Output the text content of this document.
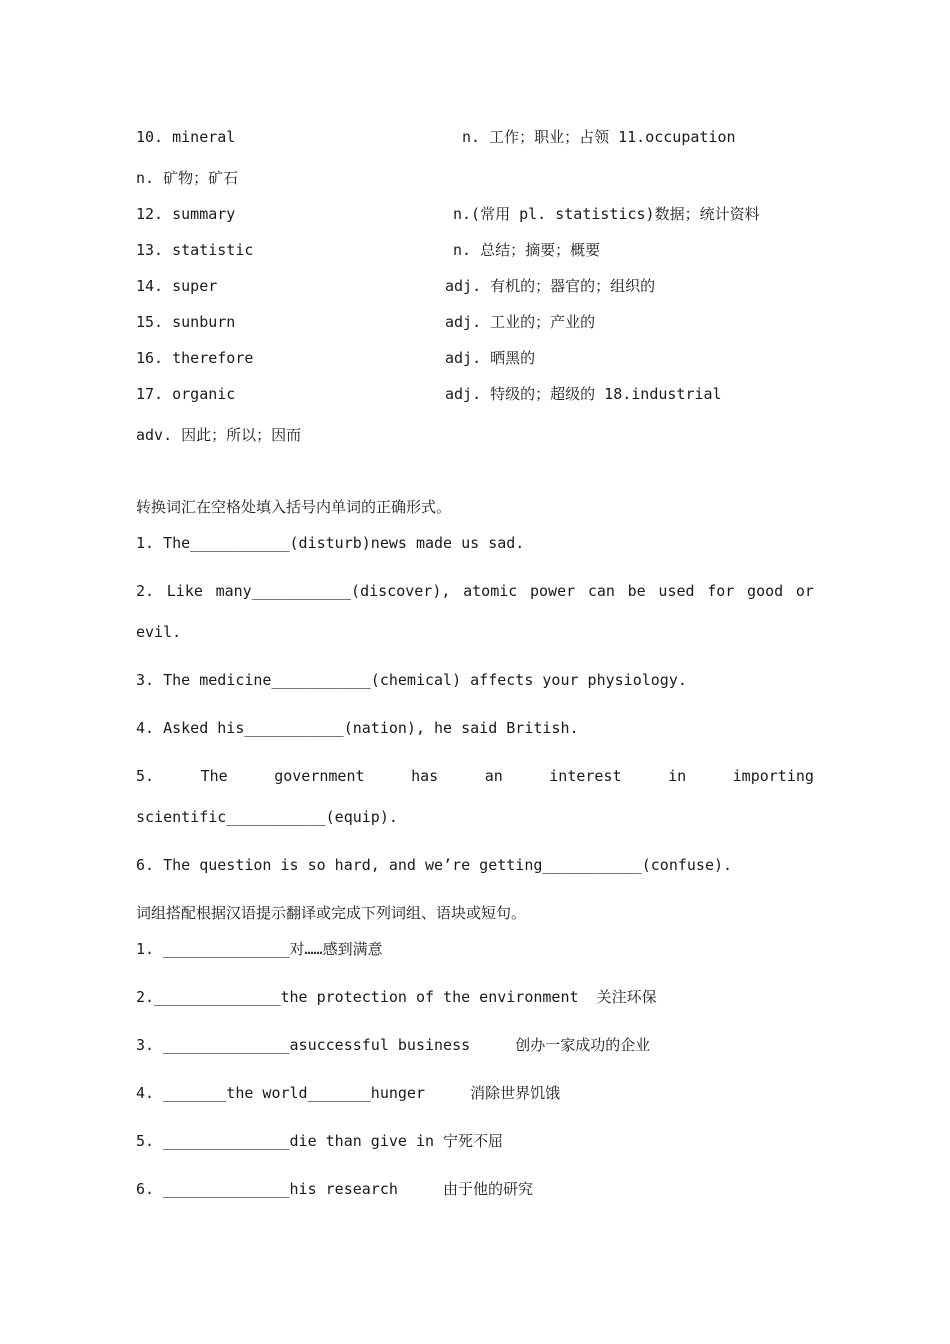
10. mineral	n. 工作；职业；占领 11.occupation
n. 矿物；矿石
12. summary	n.(常用 pl. statistics)数据；统计资料
13. statistic	n. 总结；摘要；概要
14. super	adj. 有机的；器官的；组织的
15. sunburn	adj. 工业的；产业的
16. therefore	adj. 晒黑的
17. organic	adj. 特级的；超级的 18.industrial
adv. 因此；所以；因而
转换词汇在空格处填入括号内单词的正确形式。
1. The___________(disturb)news made us sad.
2. Like many___________(discover), atomic power can be used for good or
evil.
3. The medicine___________(chemical) affects your physiology.
4. Asked his___________(nation), he said British.
5.	The	government	has	an	interest	in	importing
scientific___________(equip).
6. The question is so hard, and we’re getting___________(confuse).
词组搭配根据汉语提示翻译或完成下列词组、语块或短句。
1. ______________对……感到满意
2.______________the protection of the environment  关注环保
3. ______________asuccessful business     创办一家成功的企业
4. _______the world_______hunger     消除世界饥饿
5. ______________die than give in 宁死不屈
6. ______________his research     由于他的研究
